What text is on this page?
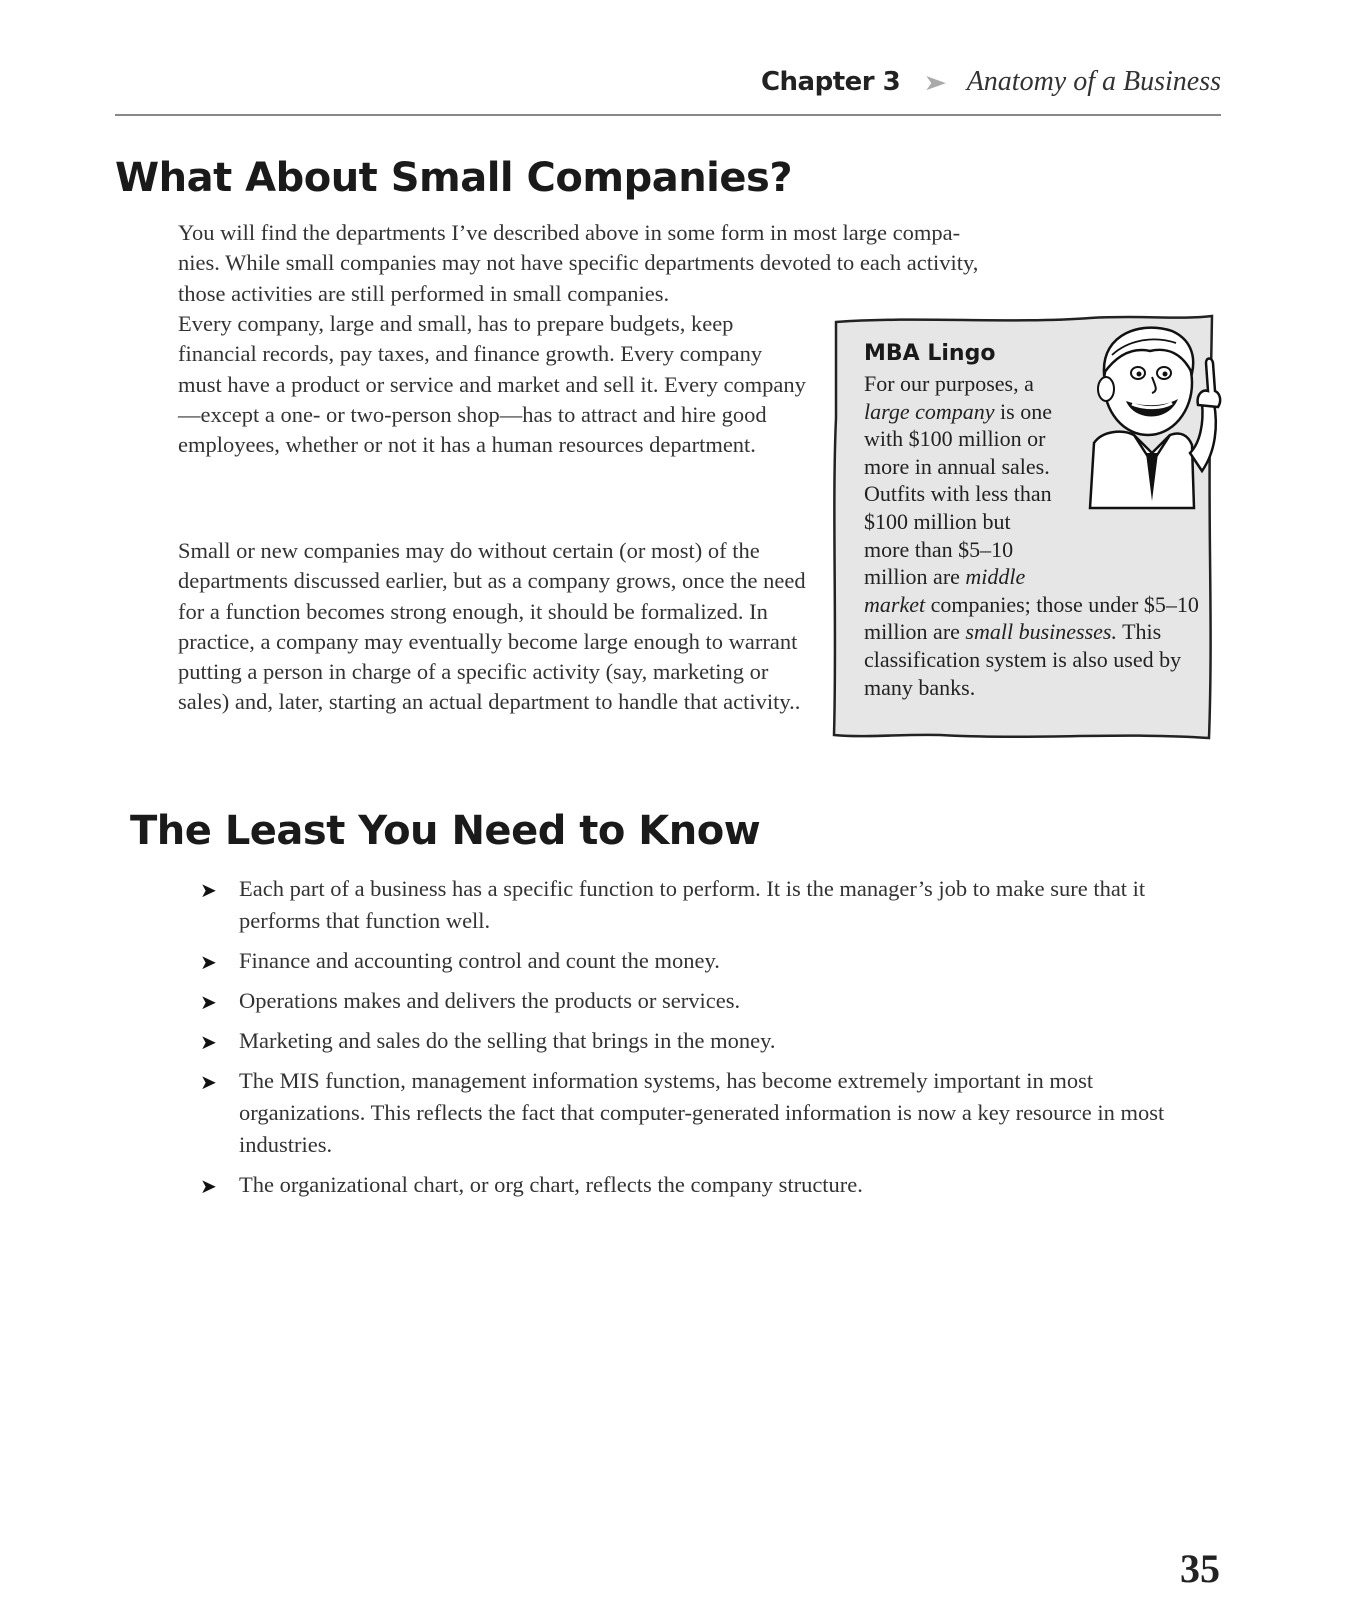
Chapter 3 ➤ Anatomy of a Business
What About Small Companies?

You will find the departments I’ve described above in some form in most large compa-
nies. While small companies may not have specific departments devoted to each activity,
those activities are still performed in small companies.

Every company, large and small, has to prepare budgets, keep financial records, pay taxes, and finance growth. Every company must have a product or service and market and sell it. Every company—except a one- or two-person shop—has to attract and hire good employees, whether or not it has a human resources department.

Small or new companies may do without certain (or most) of the departments discussed earlier, but as a company grows, once the need for a function becomes strong enough, it should be formalized. In practice, a company may eventually become large enough to warrant putting a person in charge of a specific activity (say, marketing or sales) and, later, starting an actual department to handle that activity..

MBA Lingo
For our purposes, a large company is one with $100 million or more in annual sales. Outfits with less than $100 million but more than $5–10 million are middle market companies; those under $5–10 million are small businesses. This classification system is also used by many banks.
The Least You Need to Know
➤ Each part of a business has a specific function to perform. It is the manager’s job to make sure that it performs that function well.
➤ Finance and accounting control and count the money.
➤ Operations makes and delivers the products or services.
➤ Marketing and sales do the selling that brings in the money.
➤ The MIS function, management information systems, has become extremely important in most organizations. This reflects the fact that computer-generated information is now a key resource in most industries.
➤ The organizational chart, or org chart, reflects the company structure.
35
